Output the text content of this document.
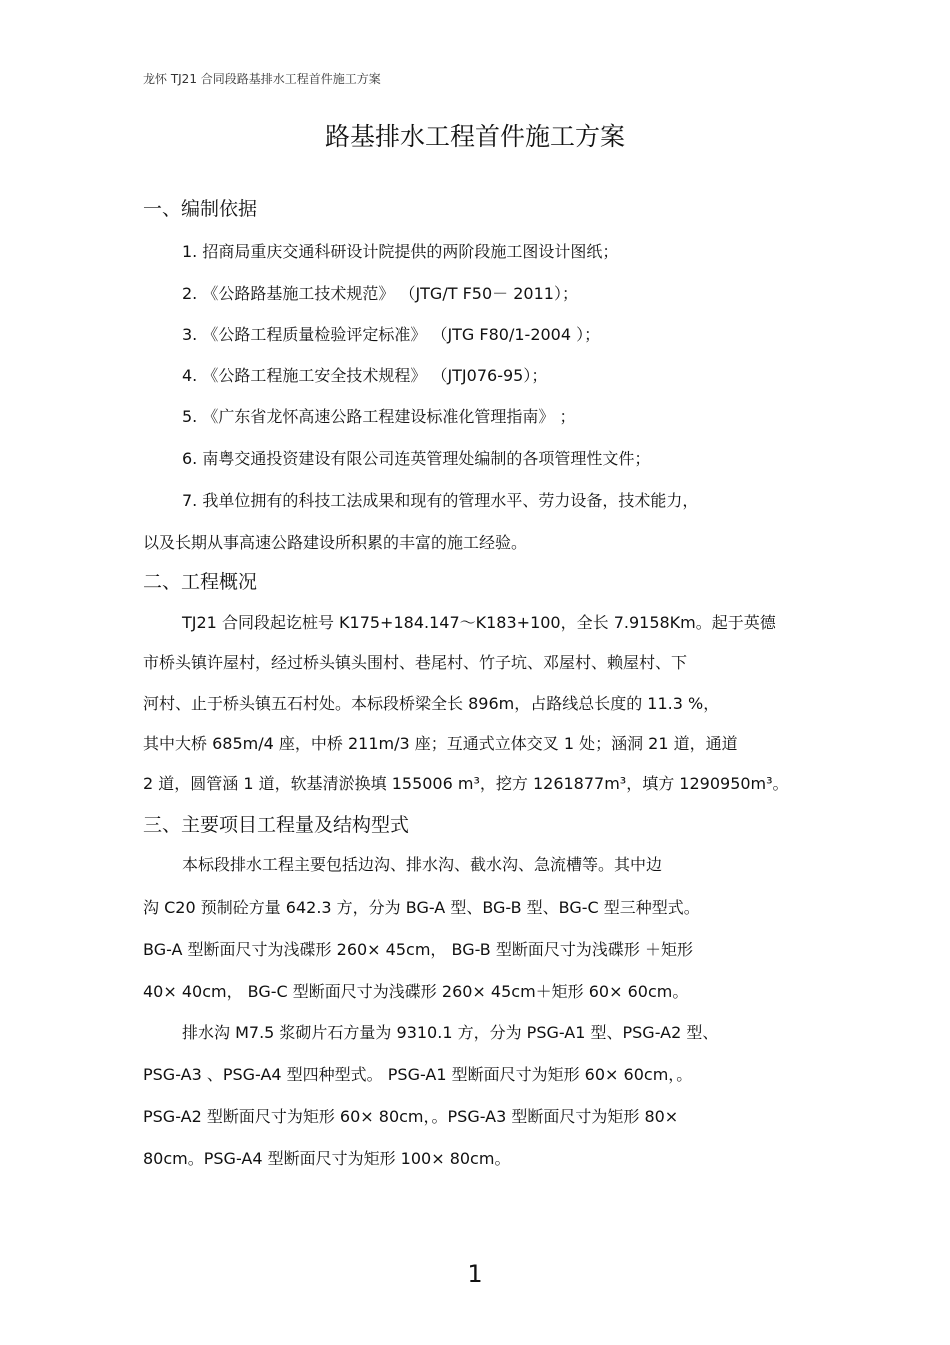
龙怀 TJ21 合同段路基排水工程首件施工方案
路基排水工程首件施工方案
一、编制依据
1. 招商局重庆交通科研设计院提供的两阶段施工图设计图纸；
2. 《公路路基施工技术规范》 （JTG/T F50－ 2011）；
3. 《公路工程质量检验评定标准》 （JTG F80/1-2004 ）；
4. 《公路工程施工安全技术规程》 （JTJ076-95）；
5. 《广东省龙怀高速公路工程建设标准化管理指南》 ；
6. 南粤交通投资建设有限公司连英管理处编制的各项管理性文件；
7. 我单位拥有的科技工法成果和现有的管理水平、劳力设备，技术能力，
以及长期从事高速公路建设所积累的丰富的施工经验。
二、工程概况
TJ21 合同段起讫桩号 K175+184.147～K183+100，全长 7.9158Km。起于英德
市桥头镇许屋村，经过桥头镇头围村、巷尾村、竹子坑、邓屋村、赖屋村、下
河村、止于桥头镇五石村处。本标段桥梁全长 896m，占路线总长度的 11.3 %，
其中大桥 685m/4 座，中桥 211m/3 座；互通式立体交叉 1 处；涵洞 21 道，通道
2 道，圆管涵 1 道，软基清淤换填 155006 m³，挖方 1261877m³，填方 1290950m³。
三、主要项目工程量及结构型式
本标段排水工程主要包括边沟、排水沟、截水沟、急流槽等。其中边
沟 C20 预制砼方量 642.3 方，分为 BG-A 型、BG-B 型、BG-C 型三种型式。
BG-A 型断面尺寸为浅碟形 260× 45cm， BG-B 型断面尺寸为浅碟形 ＋矩形
40× 40cm， BG-C 型断面尺寸为浅碟形 260× 45cm＋矩形 60× 60cm。
排水沟 M7.5 浆砌片石方量为 9310.1 方，分为 PSG-A1 型、PSG-A2 型、
PSG-A3 、PSG-A4 型四种型式。 PSG-A1 型断面尺寸为矩形 60× 60cm，。
PSG-A2 型断面尺寸为矩形 60× 80cm，。PSG-A3 型断面尺寸为矩形 80×
80cm。PSG-A4 型断面尺寸为矩形 100× 80cm。
1
